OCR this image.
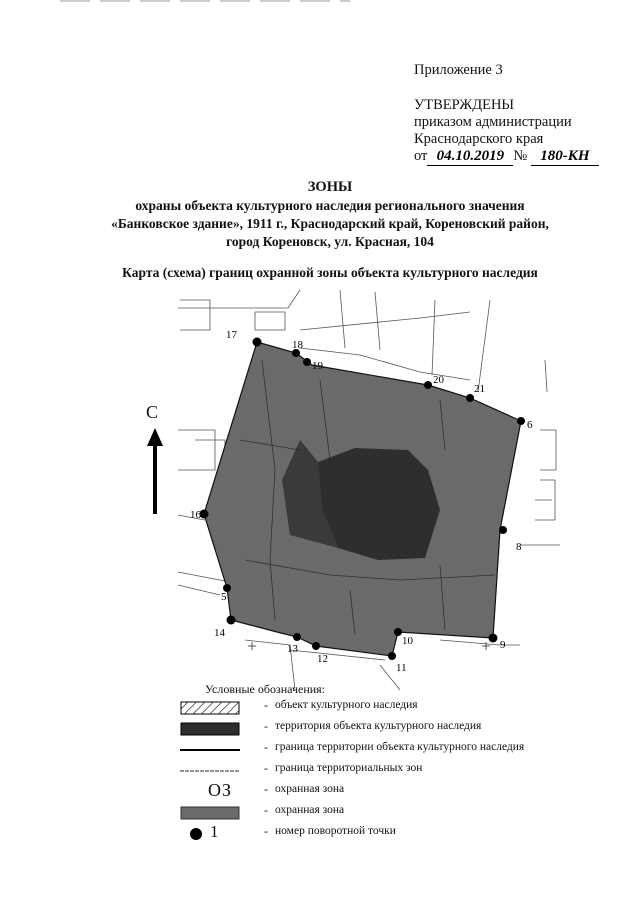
Приложение 3
УТВЕРЖДЕНЫ
приказом администрации
Краснодарского края
от 04.10.2019 № 180-КН
ЗОНЫ
охраны объекта культурного наследия регионального значения
«Банковское здание», 1911 г., Краснодарский край, Кореновский район,
город Кореновск, ул. Красная, 104
Карта (схема) границ охранной зоны объекта культурного наследия
17
18
19
20
21
6
16
8
5
14
13
12
10
11
9
С
Условные обозначения:
- объект культурного наследия
- территория объекта культурного наследия
- граница территории объекта культурного наследия
- граница территориальных зон
ОЗ	- охранная зона
- охранная зона
1	- номер поворотной точки
